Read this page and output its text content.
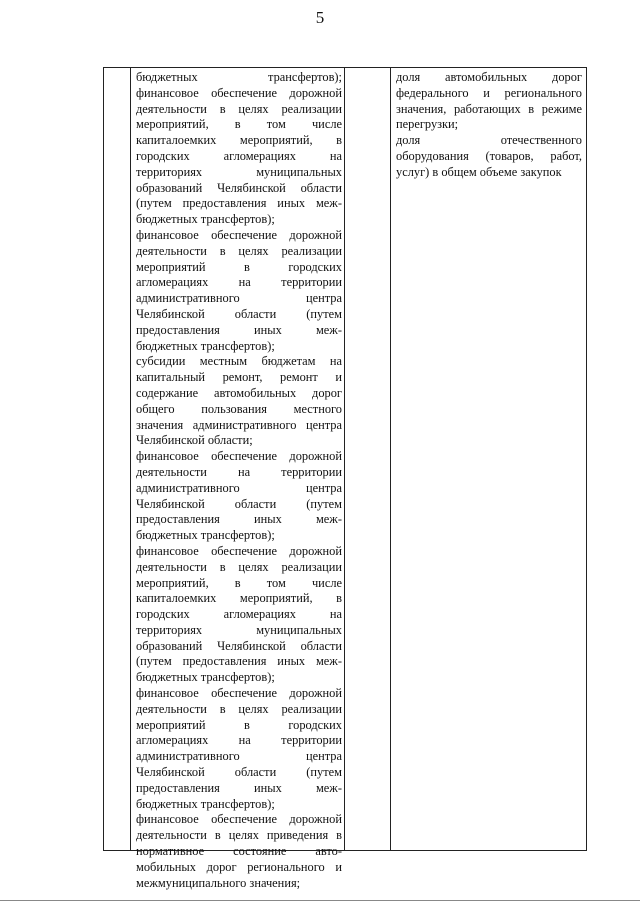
5
бюджетных трансфертов);
финансовое обеспечение дорожной
деятельности в целях реализации
мероприятий, в том числе
капиталоемких мероприятий, в
городских агломерациях на
территориях муниципальных
образований Челябинской области
(путем предоставления иных меж-
бюджетных трансфертов);
финансовое обеспечение дорожной
деятельности в целях реализации
мероприятий в городских
агломерациях на территории
административного центра
Челябинской области (путем
предоставления иных меж-
бюджетных трансфертов);
субсидии местным бюджетам на
капитальный ремонт, ремонт и
содержание автомобильных дорог
общего пользования местного
значения административного центра
Челябинской области;
финансовое обеспечение дорожной
деятельности на территории
административного центра
Челябинской области (путем
предоставления иных меж-
бюджетных трансфертов);
финансовое обеспечение дорожной
деятельности в целях реализации
мероприятий, в том числе
капиталоемких мероприятий, в
городских агломерациях на
территориях муниципальных
образований Челябинской области
(путем предоставления иных меж-
бюджетных трансфертов);
финансовое обеспечение дорожной
деятельности в целях реализации
мероприятий в городских
агломерациях на территории
административного центра
Челябинской области (путем
предоставления иных меж-
бюджетных трансфертов);
финансовое обеспечение дорожной
деятельности в целях приведения в
нормативное состояние авто-
мобильных дорог регионального и
межмуниципального значения;
доля автомобильных дорог
федерального и регионального
значения, работающих в режиме
перегрузки;
доля отечественного
оборудования (товаров, работ,
услуг) в общем объеме закупок
